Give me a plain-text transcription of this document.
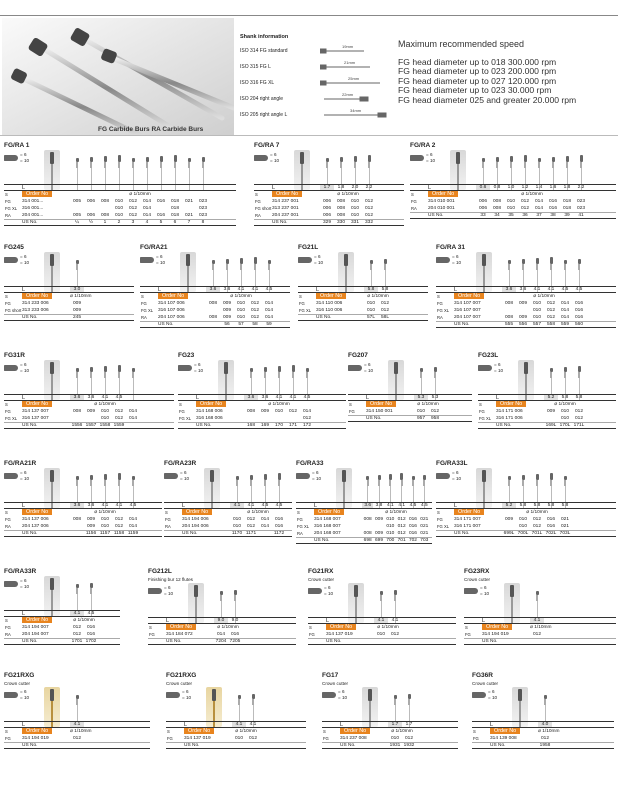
FG Carbide Burs RA Carbide Burs
Shank information
ISO 314 FG standard
ISO 315 FG L
ISO 316 FG XL
ISO 204 right angle
ISO 205 right angle L
19mm
21mm
25mm
22mm
34mm
Maximum recommended speed
FG head diameter up to 018 300.000 rpm
FG head diameter up to 023 200.000 rpm
FG head diameter up to 027 120.000 rpm
FG head diameter up to 023 30.000 rpm
FG head diameter 025 and greater 20.000 rpm
FG/RA 1
= 6
= 10
L
S	Order No	⌀ 1/10mm
FG	314 001...	005	006	008	010	012	014	016	018	021	023
FG XL	316 001...	010	012	014	018	023
RA	204 001...	005	006	008	010	012	014	016	018	021	023
US No.	¼	½	1	2	3	4	5	6	7	8
FG/RA 7
= 6
= 10
L	1.7	1.8	2.0	2.2
S	Order No	⌀ 1/10mm
FG	314 237 001	006	008	010	012
FG short 313 237 001	006	008	010	012
RA	204 237 001	006	008	010	012
US No.	329	330	331	332
FG/RA 2
= 6
= 10
L	0.6	0.8	1.0	1.2	1.4	1.6	1.8	2.2
S	Order No	⌀ 1/10mm
FG	314 010 001	006	008	010	012	014	016	018	023
RA	204 010 001	006	008	010	012	014	016	018	023
US No.	33	34	35	36	37	38	39	41
FG245
= 6
= 10
L	3.0
S	Order No	⌀ 1/10mm
FG	314 233 006	009
FG short 313 233 006	009
US No.	245
FG/RA21
= 6
= 10
L	3.6	3.6	4.1	4.1	4.5
S	Order No	⌀ 1/10mm
FG	314 107 006	008	009	010	012	014
FG XL	316 107 006	009	010	012	014
RA	204 107 006	008	009	010	012	014
US No.	56	57	58	59
FG21L
= 6
= 10
L	5.8	5.8
S	Order No	⌀ 1/10mm
FG	314 110 006	010	012
FG XL	316 110 006	010	012
US No.	57L	58L
FG/RA 31
= 6
= 10
L	3.6	3.6	4.1	4.1	4.5	4.5
S	Order No	⌀ 1/10mm
FG	314 107 007	008	009	010	012	014	016
FG XL	316 107 007	010	012	014	016
RA	204 107 007	008	009	010	012	014	016
US No.	555	556	557	558	559	560
FG31R
= 6
= 10
L	3.6	3.6	4.1	4.5
S	Order No	⌀ 1/10mm
FG	314 137 007	008	009	010	012	014
FG XL	316 137 007	010	012	014
US No.	1556 1557 1558 1559
FG23
= 6
= 10
L	3.6	3.6	4.1	4.1	4.5
S	Order No	⌀ 1/10mm
FG	314 168 006	008	009	010	012	014
FG XL	316 168 006	012
US No.	168	169	170	171	172
FG207
= 6
= 10
L	5.3	5.3
S	Order No	⌀ 1/10mm
FG	314 150 001	010	012
US No.	957	958
FG23L
= 6
= 10
L	5.2	5.8	5.8
S	Order No	⌀ 1/10mm
FG	314 171 006	009	010	012
FG XL	316 171 006	010	012
US No.	169L 170L 171L
FG/RA21R
= 6
= 10
L	3.6	3.6	4.1	4.1	4.5
S	Order No	⌀ 1/10mm
FG	314 137 006	008	009	010	012	014
RA	204 137 006	009	010	012	014
US No.	1156 1157 1158 1159
FG/RA23R
= 6
= 10
L	4.1	4.1	4.5	4.5
S	Order No	⌀ 1/10mm
FG	314 194 006	010	012	014	016
RA	204 194 006	010	012	014	016
US No.	1170 1171	1172
FG/RA33
= 6
= 10
L	3.6 3.8 4.1 4.1 4.5 4.5
S	Order No	⌀ 1/10mm
FG	314 168 007	008 009 010 012 016 021
FG XL	316 168 007	010 012 016 021
RA	204 168 007	008 009 010 012 016 021
US No.	698 699 700 701 702 703
FG/RA33L
= 6
= 10
L	5.2	5.8	5.8	5.8	5.8
S	Order No	⌀ 1/10mm
FG	314 171 007	009	010	012	016	021
FG XL	316 171 007	010	012	016	021
US No.	699L 700L 701L 702L 703L
FG/RA33R
= 6
= 10
L	4.1	4.5
S	Order No	⌀ 1/10mm
FG	314 194 007	012	016
RA	204 194 007	012	016
US No.	1701 1702
FG212L
Finishing bur 12 flutes
= 6
= 10
L	9.0	9.0
S	Order No	⌀ 1/10mm
FG	314 184 072	014	016
US No.	7204 7205
FG21RX
Crown cutter
= 6
= 10
L	4.1	4.1
S	Order No	⌀ 1/10mm
FG	314 137 019	010	012
US No.
FG23RX
Crown cutter
= 6
= 10
L	4.1
S	Order No	⌀ 1/10mm
FG	314 194 019	012
US No.
FG21RXG
Crown cutter
= 6
= 10
L	4.1
S	Order No	⌀ 1/10mm
FG	314 194 019	012
US No.
FG21RXG
Crown cutter
= 6
= 10
L	4.1	4.1
S	Order No	⌀ 1/10mm
FG	314 137 019	010	012
US No.
FG17
Crown cutter
= 6
= 10
L	1.7	1.7
S	Order No	⌀ 1/10mm
FG	314 237 008	010	012
US No.	1931 1932
FG36R
Crown cutter
= 6
= 10
L	4.0
S	Order No	⌀ 1/10mm
FG	314 139 008	012
US No.	1958
